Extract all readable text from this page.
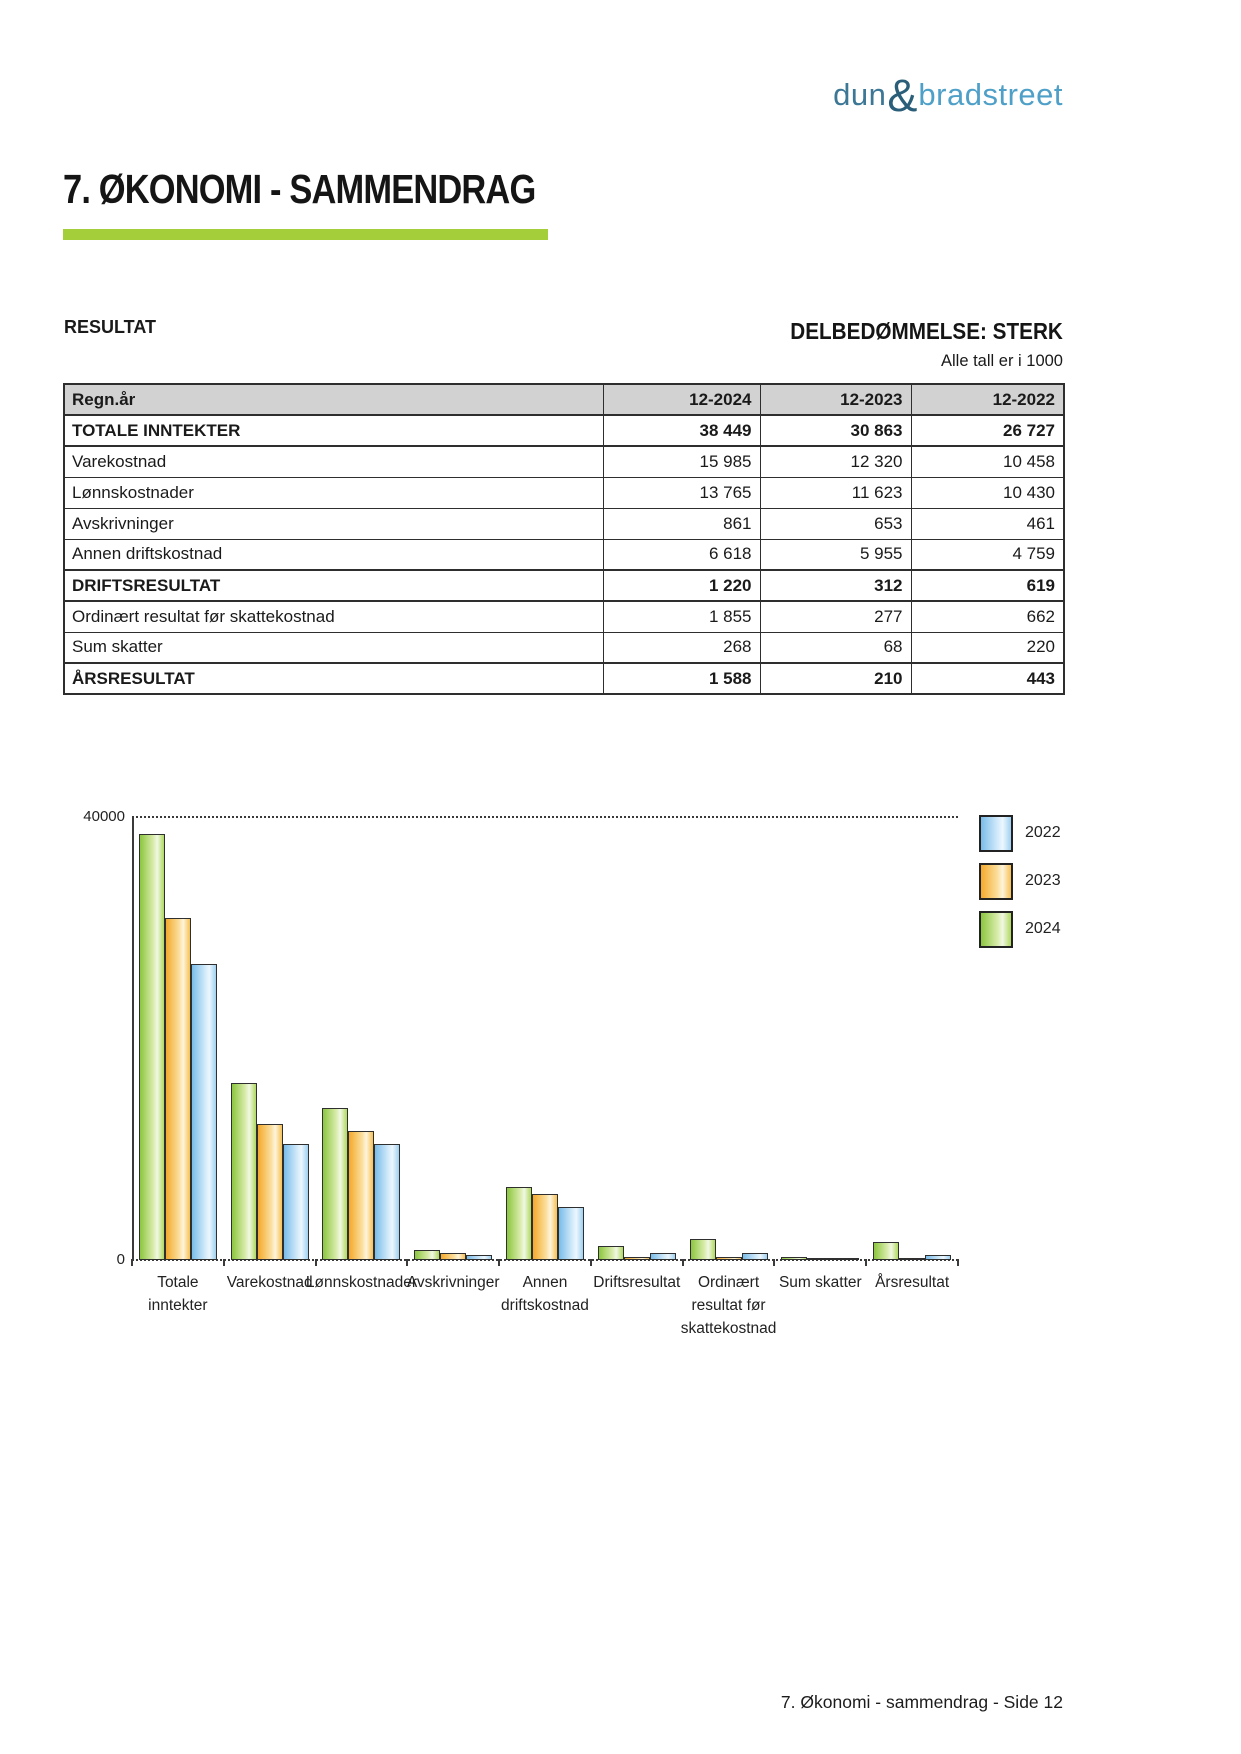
dun&bradstreet
7. ØKONOMI - SAMMENDRAG
DELBEDØMMELSE: STERK
RESULTAT
Alle tall er i 1000
Regn.år	12-2024	12-2023	12-2022
TOTALE INNTEKTER	38 449	30 863	26 727
Varekostnad	15 985	12 320	10 458
Lønnskostnader	13 765	11 623	10 430
Avskrivninger	861	653	461
Annen driftskostnad	6 618	5 955	4 759
DRIFTSRESULTAT	1 220	312	619
Ordinært resultat før skattekostnad	1 855	277	662
Sum skatter	268	68	220
ÅRSRESULTAT	1 588	210	443
40000
0
Totale
inntekter
Varekostnad
Lønnskostnader
Avskrivninger	Annen
driftskostnad
Driftsresultat	Ordinært
resultat før
skattekostnad
Sum skatter Årsresultat
2022
2023
2024
7. Økonomi - sammendrag - Side 12
